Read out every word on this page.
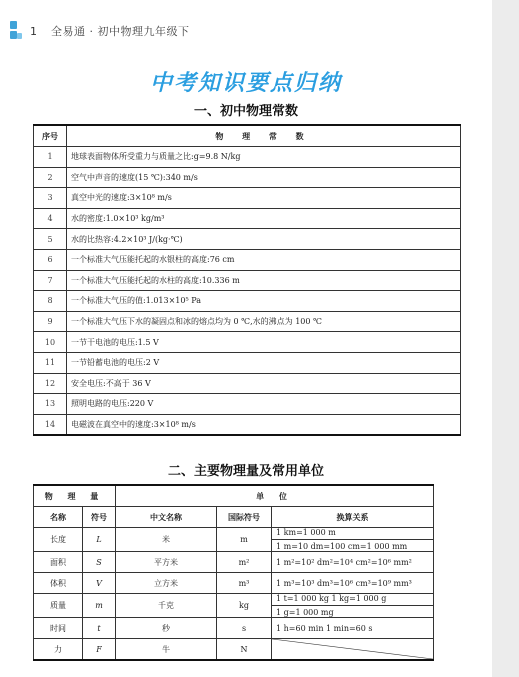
1 全易通 · 初中物理九年级下
中考知识要点归纳
一、初中物理常数
序号	物 理 常 数
1	地球表面物体所受重力与质量之比:g=9.8 N/kg
2	空气中声音的速度(15 ℃):340 m/s
3	真空中光的速度:3×10⁸ m/s
4	水的密度:1.0×10³ kg/m³
5	水的比热容:4.2×10³ J/(kg·℃)
6	一个标准大气压能托起的水银柱的高度:76 cm
7	一个标准大气压能托起的水柱的高度:10.336 m
8	一个标准大气压的值:1.013×10⁵ Pa
9	一个标准大气压下水的凝固点和冰的熔点均为 0 ℃,水的沸点为 100 ℃
10	一节干电池的电压:1.5 V
11	一节铅蓄电池的电压:2 V
12	安全电压:不高于 36 V
13	照明电路的电压:220 V
14	电磁波在真空中的速度:3×10⁸ m/s
二、主要物理量及常用单位
物 理 量		单 位		
名称	符号	中文名称	国际符号	换算关系
长度	L	米	m	1 km=1 000 m
1 m=10 dm=100 cm=1 000 mm

面积	S	平方米	m²	1 m²=10² dm²=10⁴ cm²=10⁶ mm²

体积	V	立方米	m³	1 m³=10³ dm³=10⁶ cm³=10⁹ mm³

质量	m	千克	kg	1 t=1 000 kg 1 kg=1 000 g
1 g=1 000 mg

时间	t	秒	s	1 h=60 min 1 min=60 s

力	F	牛	N	
